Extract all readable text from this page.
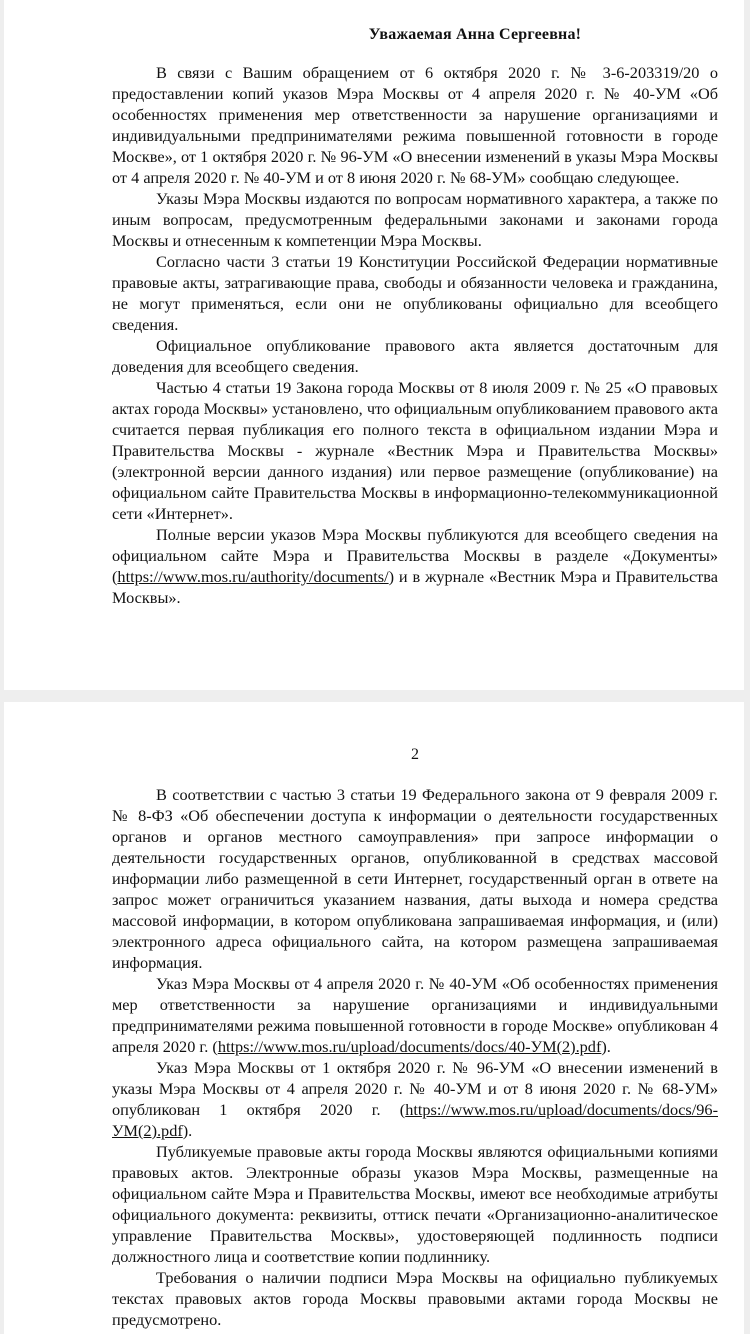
Уважаемая Анна Сергеевна!

В связи с Вашим обращением от 6 октября 2020 г. № 3-6-203319/20 о предоставлении копий указов Мэра Москвы от 4 апреля 2020 г. № 40-УМ «Об особенностях применения мер ответственности за нарушение организациями и индивидуальными предпринимателями режима повышенной готовности в городе Москве», от 1 октября 2020 г. № 96-УМ «О внесении изменений в указы Мэра Москвы от 4 апреля 2020 г. № 40-УМ и от 8 июня 2020 г. № 68-УМ» сообщаю следующее.

Указы Мэра Москвы издаются по вопросам нормативного характера, а также по иным вопросам, предусмотренным федеральными законами и законами города Москвы и отнесенным к компетенции Мэра Москвы.

Согласно части 3 статьи 19 Конституции Российской Федерации нормативные правовые акты, затрагивающие права, свободы и обязанности человека и гражданина, не могут применяться, если они не опубликованы официально для всеобщего сведения.

Официальное опубликование правового акта является достаточным для доведения для всеобщего сведения.

Частью 4 статьи 19 Закона города Москвы от 8 июля 2009 г. № 25 «О правовых актах города Москвы» установлено, что официальным опубликованием правового акта считается первая публикация его полного текста в официальном издании Мэра и Правительства Москвы - журнале «Вестник Мэра и Правительства Москвы» (электронной версии данного издания) или первое размещение (опубликование) на официальном сайте Правительства Москвы в информационно-телекоммуникационной сети «Интернет».

Полные версии указов Мэра Москвы публикуются для всеобщего сведения на официальном сайте Мэра и Правительства Москвы в разделе «Документы» (https://www.mos.ru/authority/documents/) и в журнале «Вестник Мэра и Правительства Москвы».

2

В соответствии с частью 3 статьи 19 Федерального закона от 9 февраля 2009 г. № 8-ФЗ «Об обеспечении доступа к информации о деятельности государственных органов и органов местного самоуправления» при запросе информации о деятельности государственных органов, опубликованной в средствах массовой информации либо размещенной в сети Интернет, государственный орган в ответе на запрос может ограничиться указанием названия, даты выхода и номера средства массовой информации, в котором опубликована запрашиваемая информация, и (или) электронного адреса официального сайта, на котором размещена запрашиваемая информация.

Указ Мэра Москвы от 4 апреля 2020 г. № 40-УМ «Об особенностях применения мер ответственности за нарушение организациями и индивидуальными предпринимателями режима повышенной готовности в городе Москве» опубликован 4 апреля 2020 г. (https://www.mos.ru/upload/documents/docs/40-УМ(2).pdf).

Указ Мэра Москвы от 1 октября 2020 г. № 96-УМ «О внесении изменений в указы Мэра Москвы от 4 апреля 2020 г. № 40-УМ и от 8 июня 2020 г. № 68-УМ» опубликован 1 октября 2020 г. (https://www.mos.ru/upload/documents/docs/96-УМ(2).pdf).

Публикуемые правовые акты города Москвы являются официальными копиями правовых актов. Электронные образы указов Мэра Москвы, размещенные на официальном сайте Мэра и Правительства Москвы, имеют все необходимые атрибуты официального документа: реквизиты, оттиск печати «Организационно-аналитическое управление Правительства Москвы», удостоверяющей подлинность подписи должностного лица и соответствие копии подлиннику.

Требования о наличии подписи Мэра Москвы на официально публикуемых текстах правовых актов города Москвы правовыми актами города Москвы не предусмотрено.
